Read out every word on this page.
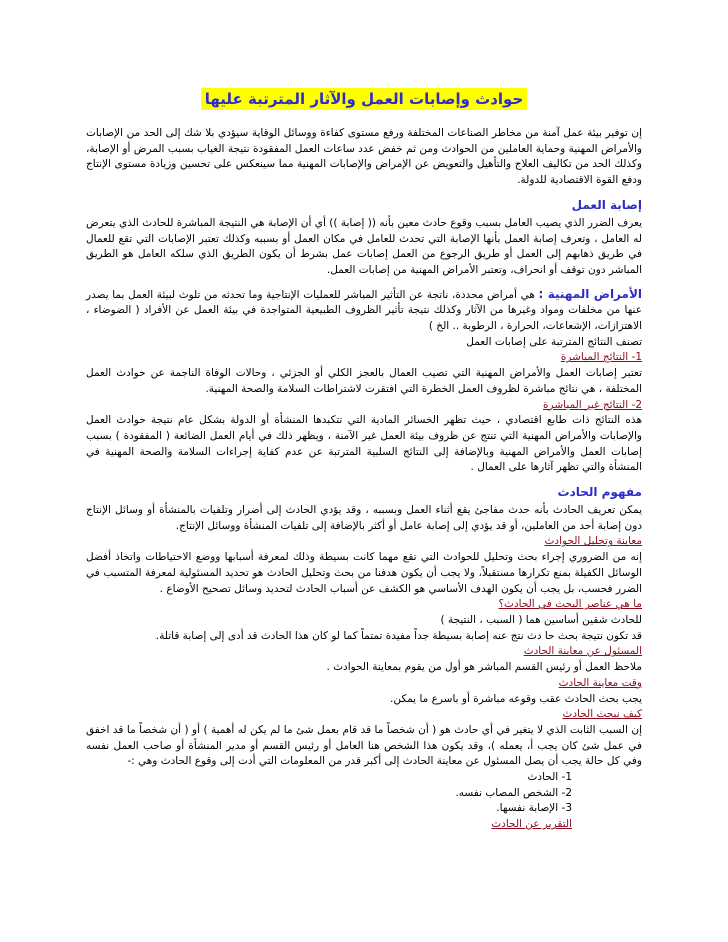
حوادث وإصابات العمل والآثار المترتبة عليها

إن توفير بيئة عمل آمنة من مخاطر الصناعات المختلفة ورفع مستوى كفاءة ووسائل الوقاية سيؤدي بلا شك إلى الحد من الإصابات والأمراض المهنية وحماية العاملين من الحوادث ومن ثم خفض عدد ساعات العمل المفقودة نتيجة الغياب بسبب المرض أو الإصابة، وكذلك الحد من تكاليف العلاج والتأهيل والتعويض عن الإمراض والإصابات المهنية مما سينعكس على تحسين وزيادة مستوى الإنتاج ودفع القوة الاقتصادية للدولة.

إصابة العمل

يعرف الضرر الذي يصيب العامل بسبب وقوع حادث معين بأنه (( إصابة )) أي أن الإصابة هي النتيجة المباشرة للحادث الذي يتعرض له العامل ، وتعرف إصابة العمل بأنها الإصابة التي تحدث للعامل في مكان العمل أو بسببه وكذلك تعتبر الإصابات التي تقع للعمال في طريق ذهابهم إلى العمل أو طريق الرجوع من العمل إصابات عمل بشرط أن يكون الطريق الذي سلكه العامل هو الطريق المباشر دون توقف أو انحراف، وتعتبر الأمراض المهنية من إصابات العمل.

الأمراض المهنية : هي أمراض محددة، ناتجة عن التأثير المباشر للعمليات الإنتاجية وما تحدثه من تلوث لبيئة العمل بما يصدر عنها من مخلفات ومواد وغيرها من الآثار وكذلك نتيجة تأثير الظروف الطبيعية المتواجدة في بيئة العمل عن الأفراد ( الضوضاء ، الاهتزازات، الإشعاعات، الحرارة ، الرطوبة .. الخ )

تصنف النتائج المترتبة على إصابات العمل

1- النتائج المباشرة

تعتبر إصابات العمل والأمراض المهنية التي تصيب العمال بالعجز الكلي أو الجزئي ، وحالات الوفاة الناجمة عن حوادث العمل المختلفة ، هي نتائج مباشرة لظروف العمل الخطرة التي افتقرت لاشتراطات السلامة والصحة المهنية.

2- النتائج غير المباشرة

هذه النتائج ذات طابع اقتصادي ، حيث تظهر الخسائر المادية التي تتكبدها المنشأة أو الدولة بشكل عام نتيجة حوادث العمل والإصابات والأمراض المهنية التي تنتج عن ظروف بيئة العمل غير الآمنة ، ويظهر ذلك في أيام العمل الضائعة ( المفقودة ) بسبب إصابات العمل والأمراض المهنية وبالإضافة إلى النتائج السلبية المترتبة عن عدم كفاية إجراءات السلامة والصحة المهنية في المنشأة والتي تظهر آثارها على العمال .

مفهوم الحادث

يمكن تعريف الحادث بأنه حدث مفاجئ يقع أثناء العمل وبسببه ، وقد يؤدي الحادث إلى أضرار وتلفيات بالمنشأة أو وسائل الإنتاج دون إصابة أحد من العاملين، أو قد يؤدي إلى إصابة عامل أو أكثر بالإضافة إلى تلفيات المنشأة ووسائل الإنتاج.

معاينة وتحليل الحوادث

إنه من الضروري إجراء بحث وتحليل للحوادث التي تقع مهما كانت بسيطة وذلك لمعرفة أسبابها ووضع الاحتياطات واتخاذ أفضل الوسائل الكفيلة بمنع تكرارها مستقبلاً، ولا يجب أن يكون هدفنا من بحث وتحليل الحادث هو تحديد المسئولية لمعرفة المتسبب في الضرر فحسب، بل يجب أن يكون الهدف الأساسي هو الكشف عن أسباب الحادث لتحديد وسائل تصحيح الأوضاع .

ما هي عناصر البحث في الحادث؟

للحادث شقين أساسين هما ( السبب ، النتيجة )

قد تكون نتيجة بحث حا دث نتج عنه إصابة بسيطة جداً مفيدة تمتماً كما لو كان هذا الحادث قد أدى إلى إصابة قاتلة.

المسئول عن معاينة الحادث

ملاحظ العمل أو رئيس القسم المباشر هو أول من يقوم بمعاينة الحوادث .

وقت معاينة الحادث

يجب بحث الحادث عقب وقوعه مباشرة أو باسرع ما يمكن.

كيف نبحث الحادث

إن السبب الثابت الذي لا يتغير في أي حادث هو ( أن شخصاً ما قد قام بعمل شئ ما لم يكن له أهمية ) أو ( أن شخصاً ما قد اخفق في عمل شئ كان يجب أ، يعمله )، وقد يكون هذا الشخص هنا العامل أو رئيس القسم أو مدير المنشأة أو صاحب العمل نفسه وفي كل حالة يجب أن يصل المسئول عن معاينة الحادث إلى أكبر قدر من المعلومات التي أدت إلى وقوع الحادث وهي :-

1- الحادث
2- الشخص المصاب نفسه.
3- الإصابة نفسها.
التقرير عن الحادث
